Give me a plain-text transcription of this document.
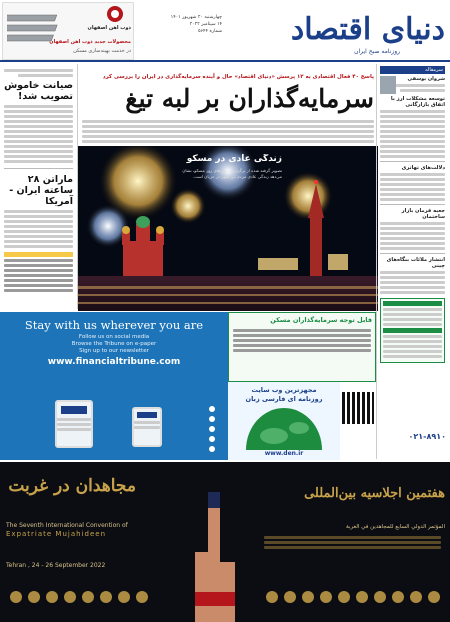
ذوب آهن اصفهان
محصولات جدید ذوب آهن اصفهان
در خدمت بهینه‌سازی مسکن
چهارشنبه ۲۰ شهریور ۱۴۰۱
۱۴ سپتامبر ۲۰۲۲
شماره ۵۶۴۴	دنیای اقتصاد
روزنامه صبح ایران
صیانت خاموش تصویب شد!
ماراتن ۲۸ ساعته ایران - آمریکا
پاسخ ۴۰ فعال اقتصادی به ۱۲ پرسش «دنیای اقتصاد» حال و آینده سرمایه‌گذاری در ایران را بررسی کرد
سرمایه‌گذاران بر لبه تیغ
زندگی عادی در مسکو
تصویر گرفته شده از برگزاری جشن‌های روز مسکو، نشان می‌دهد زندگی عادی مردم این شهر در جریان است.
سرمقاله
شروان یوسفی
توسعه مشکلات ارز با اتفاق بازارگانی
دلالت‌های تهاتری
جعبه فرمان بازار ساختمان
انتشار ملائات بنگاه‌های چینی
Stay with us wherever you are
Follow us on social media
Browse the Tribune on e-paper
Sign up to our newsletter
www.financialtribune.com
قابل توجه سرمایه‌گذاران مسکن
مجهزترین وب سایت
روزنامه ای فارسی زبان
www.den.ir
۰۲۱-۸۹۱۰
مجاهدان در غربت
The Seventh International Convention of
Expatriate Mujahideen
Tehran , 24 - 26 September 2022
هفتمین اجلاسیه بین‌المللی
المؤتمر الدولي السابع للمجاهدين في الغربة
